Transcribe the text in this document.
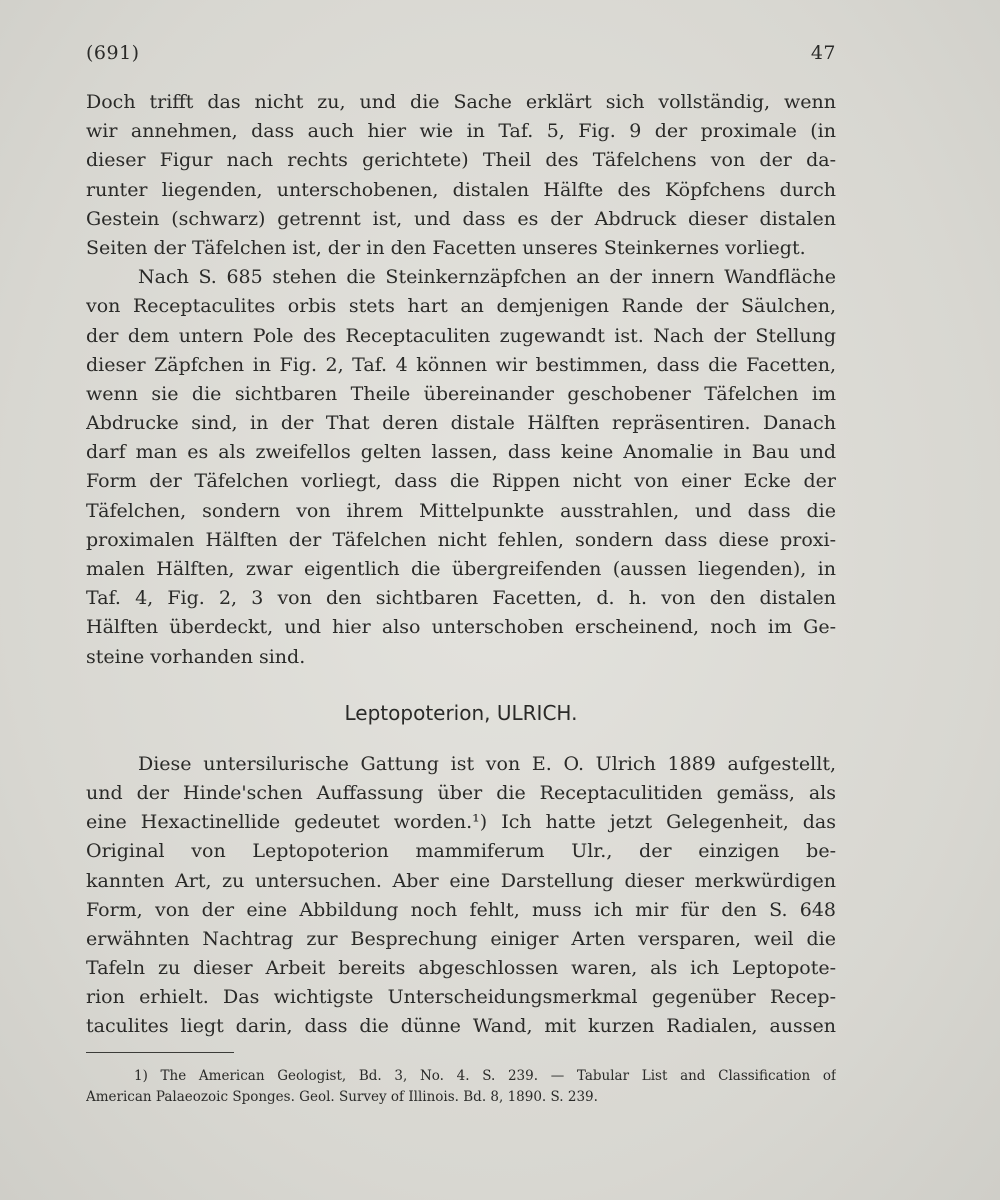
(691)	47
Doch trifft das nicht zu, und die Sache erklärt sich vollständig, wenn
wir annehmen, dass auch hier wie in Taf. 5, Fig. 9 der proximale (in
dieser Figur nach rechts gerichtete) Theil des Täfelchens von der da-
runter liegenden, unterschobenen, distalen Hälfte des Köpfchens durch
Gestein (schwarz) getrennt ist, und dass es der Abdruck dieser distalen
Seiten der Täfelchen ist, der in den Facetten unseres Steinkernes vorliegt.
Nach S. 685 stehen die Steinkernzäpfchen an der innern Wandfläche
von Receptaculites orbis stets hart an demjenigen Rande der Säulchen,
der dem untern Pole des Receptaculiten zugewandt ist. Nach der Stellung
dieser Zäpfchen in Fig. 2, Taf. 4 können wir bestimmen, dass die Facetten,
wenn sie die sichtbaren Theile übereinander geschobener Täfelchen im
Abdrucke sind, in der That deren distale Hälften repräsentiren. Danach
darf man es als zweifellos gelten lassen, dass keine Anomalie in Bau und
Form der Täfelchen vorliegt, dass die Rippen nicht von einer Ecke der
Täfelchen, sondern von ihrem Mittelpunkte ausstrahlen, und dass die
proximalen Hälften der Täfelchen nicht fehlen, sondern dass diese proxi-
malen Hälften, zwar eigentlich die übergreifenden (aussen liegenden), in
Taf. 4, Fig. 2, 3 von den sichtbaren Facetten, d. h. von den distalen
Hälften überdeckt, und hier also unterschoben erscheinend, noch im Ge-
steine vorhanden sind.
Leptopoterion, ULRICH.
Diese untersilurische Gattung ist von E. O. Ulrich 1889 aufgestellt,
und der Hinde'schen Auffassung über die Receptaculitiden gemäss, als
eine Hexactinellide gedeutet worden.¹) Ich hatte jetzt Gelegenheit, das
Original von Leptopoterion mammiferum Ulr., der einzigen be-
kannten Art, zu untersuchen. Aber eine Darstellung dieser merkwürdigen
Form, von der eine Abbildung noch fehlt, muss ich mir für den S. 648
erwähnten Nachtrag zur Besprechung einiger Arten versparen, weil die
Tafeln zu dieser Arbeit bereits abgeschlossen waren, als ich Leptopote-
rion erhielt. Das wichtigste Unterscheidungsmerkmal gegenüber Recep-
taculites liegt darin, dass die dünne Wand, mit kurzen Radialen, aussen
1) The American Geologist, Bd. 3, No. 4. S. 239. — Tabular List and Classification of
American Palaeozoic Sponges. Geol. Survey of Illinois. Bd. 8, 1890. S. 239.
